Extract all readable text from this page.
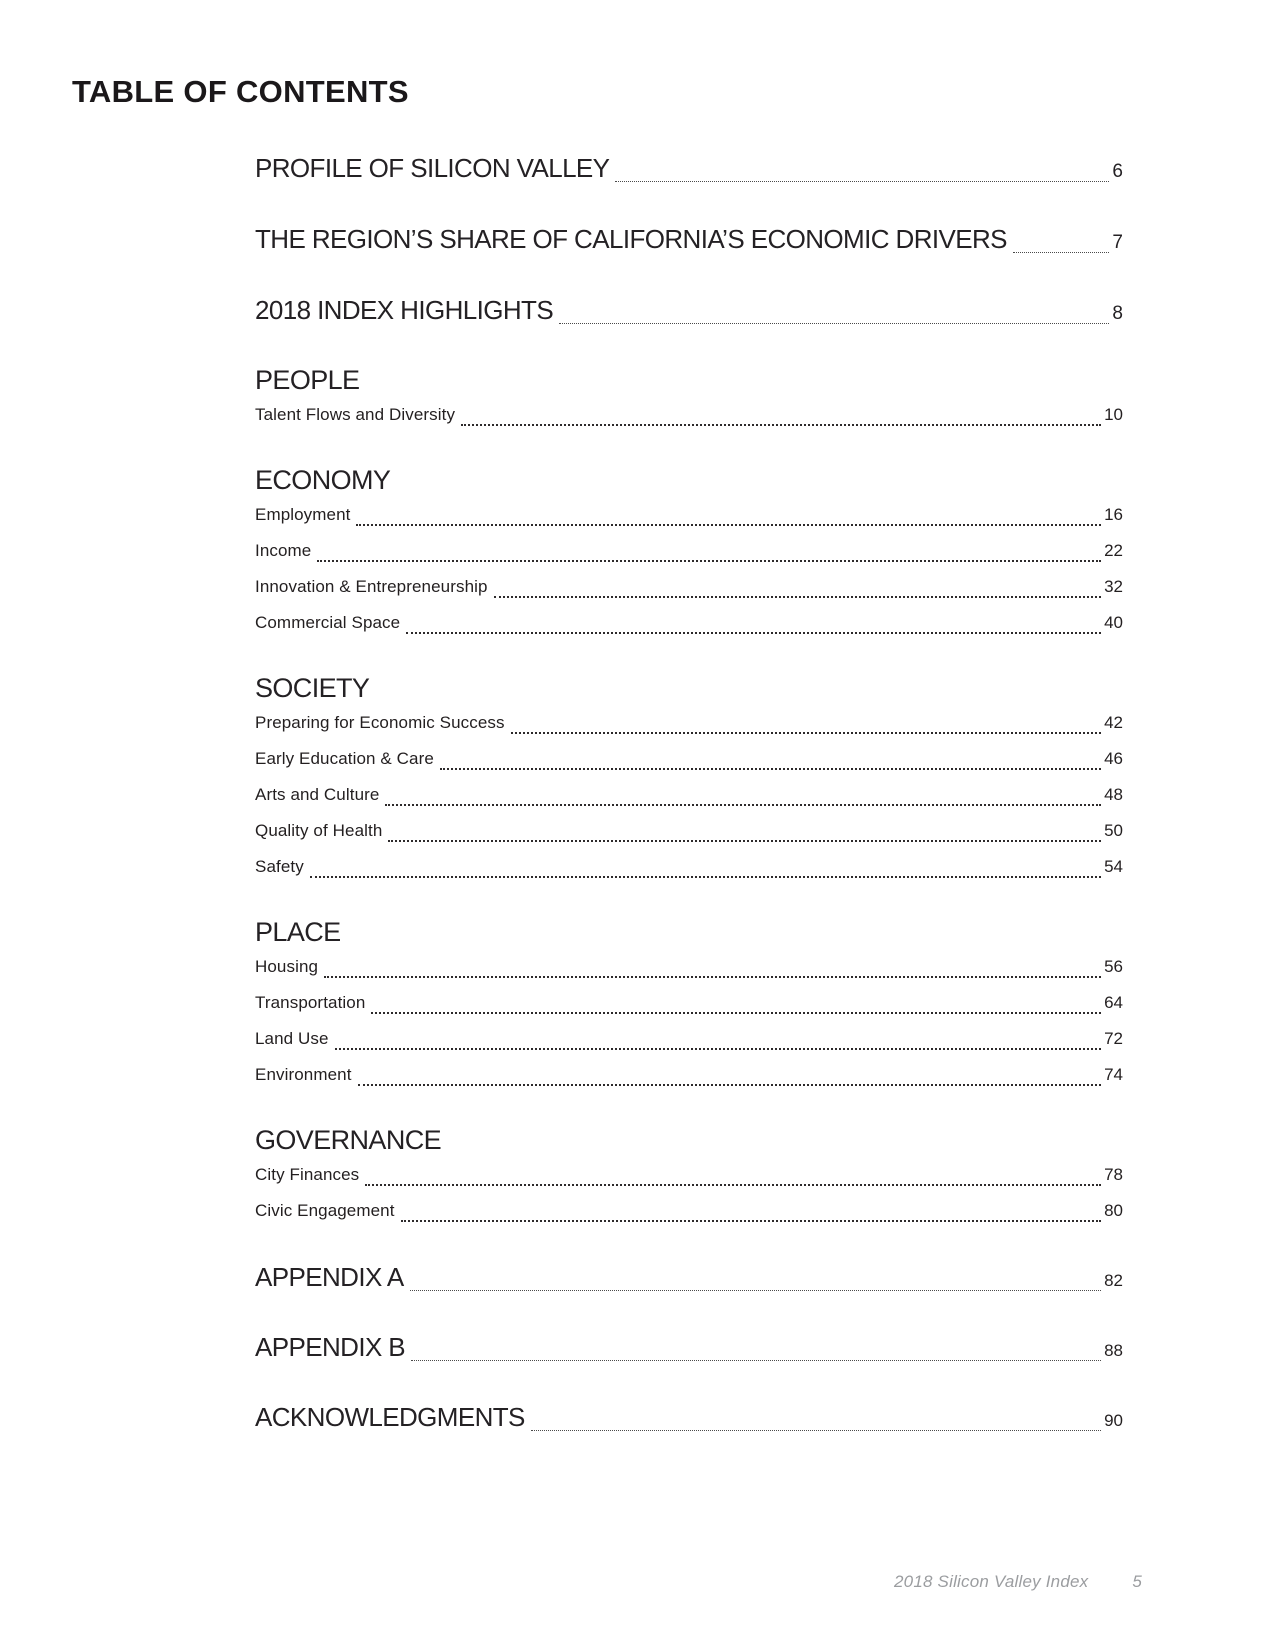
TABLE OF CONTENTS
PROFILE OF SILICON VALLEY	6
THE REGION’S SHARE OF CALIFORNIA’S ECONOMIC DRIVERS	7
2018 INDEX HIGHLIGHTS	8
PEOPLE
Talent Flows and Diversity	10
ECONOMY
Employment	16
Income	22
Innovation & Entrepreneurship	32
Commercial Space	40
SOCIETY
Preparing for Economic Success	42
Early Education & Care	46
Arts and Culture	48
Quality of Health	50
Safety	54
PLACE
Housing	56
Transportation	64
Land Use	72
Environment	74
GOVERNANCE
City Finances	78
Civic Engagement	80
APPENDIX A	82
APPENDIX B	88
ACKNOWLEDGMENTS	90
2018 Silicon Valley Index	5
